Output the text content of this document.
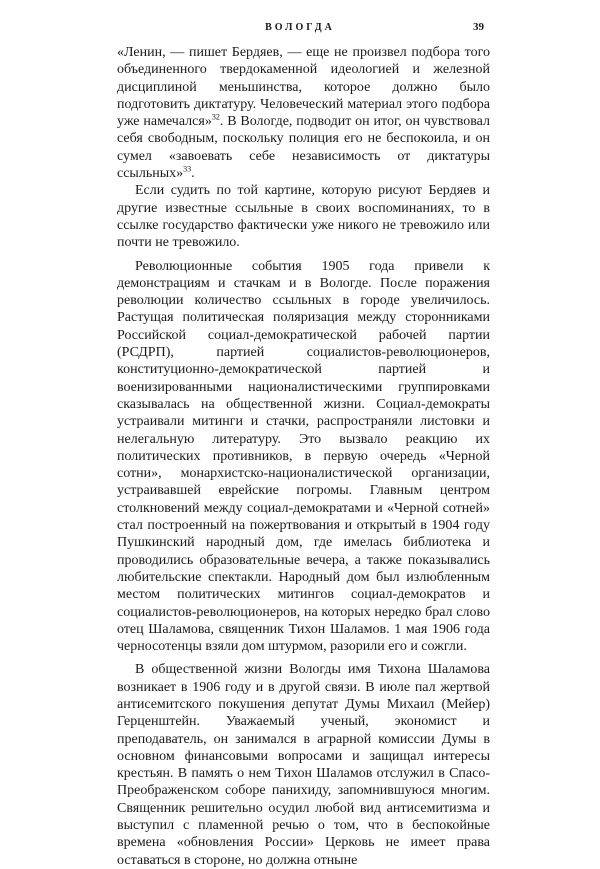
ВОЛОГДА	39

«Ленин, — пишет Бердяев, — еще не произвел подбора того объединенного твердокаменной идеологией и железной дисциплиной меньшинства, которое должно было подготовить диктатуру. Человеческий материал этого подбора уже намечался»$^{32}$. В Вологде, подводит он итог, он чувствовал себя свободным, поскольку полиция его не беспокоила, и он сумел «завоевать себе независимость от диктатуры ссыльных»$^{33}$.

Если судить по той картине, которую рисуют Бердяев и другие известные ссыльные в своих воспоминаниях, то в ссылке государство фактически уже никого не тревожило или почти не тревожило.

Революционные события 1905 года привели к демонстрациям и стачкам и в Вологде. После поражения революции количество ссыльных в городе увеличилось. Растущая политическая поляризация между сторонниками Российской социал-демократической рабочей партии (РСДРП), партией социалистов-революционеров, конституционно-демократической партией и военизированными националистическими группировками сказывалась на общественной жизни. Социал-демократы устраивали митинги и стачки, распространяли листовки и нелегальную литературу. Это вызвало реакцию их политических противников, в первую очередь «Черной сотни», монархистско-националистической организации, устраивавшей еврейские погромы. Главным центром столкновений между социал-демократами и «Черной сотней» стал построенный на пожертвования и открытый в 1904 году Пушкинский народный дом, где имелась библиотека и проводились образовательные вечера, а также показывались любительские спектакли. Народный дом был излюбленным местом политических митингов социал-демократов и социалистов-революционеров, на которых нередко брал слово отец Шаламова, священник Тихон Шаламов. 1 мая 1906 года черносотенцы взяли дом штурмом, разорили его и сожгли.

В общественной жизни Вологды имя Тихона Шаламова возникает в 1906 году и в другой связи. В июле пал жертвой антисемитского покушения депутат Думы Михаил (Мейер) Герценштейн. Уважаемый ученый, экономист и преподаватель, он занимался в аграрной комиссии Думы в основном финансовыми вопросами и защищал интересы крестьян. В память о нем Тихон Шаламов отслужил в Спасо-Преображенском соборе панихиду, запомнившуюся многим. Священник решительно осудил любой вид антисемитизма и выступил с пламенной речью о том, что в беспокойные времена «обновления России» Церковь не имеет права оставаться в стороне, но должна отныне
